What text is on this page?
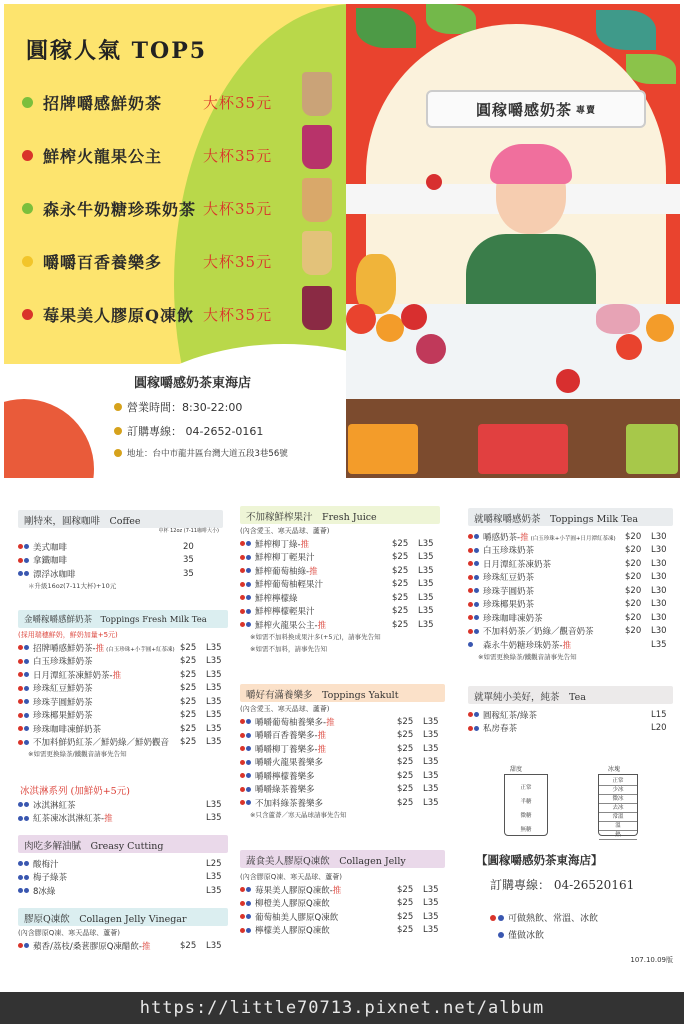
圓稼人氣 TOP5
招牌嚼感鮮奶茶	大杯35元
鮮榨火龍果公主	大杯35元
森永牛奶糖珍珠奶茶 大杯35元
嚼嚼百香養樂多	大杯35元
莓果美人膠原Q凍飲 大杯35元
圓稼嚼感奶茶東海店
營業時間：8:30-22:00
訂購專線： 04-2652-0161
地址：台中市龍井區台灣大道五段3巷56號
圓稼嚼感奶茶 專賣
剛特來，圓稼咖啡　Coffee
中杯 12oz (7-11咖啡大小)
美式咖啡	20
拿鐵咖啡	35
漂浮冰咖啡	35
＊升級16oz(7-11大杯)+10元
金嚼稼嚼感鮮奶茶　Toppings Fresh Milk Tea
(採用瑞穗鮮奶，鮮奶加量+5元)
招牌嚼感鮮奶茶-推 (白玉珍珠+小芋圓+紅茶凍) $25	L35
白玉珍珠鮮奶茶	$25	L35
日月潭紅茶凍鮮奶茶-推	$25	L35
珍珠紅豆鮮奶茶	$25	L35
珍珠芋圓鮮奶茶	$25	L35
珍珠椰果鮮奶茶	$25	L35
珍珠咖啡凍鮮奶茶	$25	L35
不加料鮮奶紅茶／鮮奶綠／鮮奶觀音	$25	L35
※如需更換綠茶/鐵觀音請事先告知
冰淇淋系列 (加鮮奶+5元)
冰淇淋紅茶	L35
紅茶凍冰淇淋紅茶-推	L35
肉吃多解油膩　Greasy Cutting
酸梅汁	L25
梅子綠茶	L35
8冰綠	L35
膠原Q凍飲　Collagen Jelly Vinegar
(內含膠原Q凍、寒天晶球、蘆薈)
蘋香/荔枝/桑葚膠原Q凍醋飲-推	$25	L35
不加稼鮮榨果汁　Fresh Juice
(內含愛玉、寒天晶球、蘆薈)
鮮榨柳丁綠-推	$25	L35
鮮榨柳丁輕果汁	$25	L35
鮮榨葡萄柚綠-推	$25	L35
鮮榨葡萄柚輕果汁	$25	L35
鮮榨檸檬綠	$25	L35
鮮榨檸檬輕果汁	$25	L35
鮮榨火龍果公主-推	$25	L35
※如需不加料換成果汁多(+5元)，請事先告知
※如需不加料，請事先告知
嚼好有滿養樂多　Toppings Yakult
(內含愛玉、寒天晶球、蘆薈)
嚼嚼葡萄柚養樂多-推	$25	L35
嚼嚼百香養樂多-推	$25	L35
嚼嚼柳丁養樂多-推	$25	L35
嚼嚼火龍果養樂多	$25	L35
嚼嚼檸檬養樂多	$25	L35
嚼嚼綠茶養樂多	$25	L35
不加料綠茶養樂多	$25	L35
※只含蘆薈／寒天晶球請事先告知
蔬食美人膠原Q凍飲　Collagen Jelly
(內含膠原Q凍、寒天晶球、蘆薈)
莓果美人膠原Q凍飲-推	$25	L35
柳橙美人膠原Q凍飲	$25	L35
葡萄柚美人膠原Q凍飲	$25	L35
檸檬美人膠原Q凍飲	$25	L35
就嚼稼嚼感奶茶　Toppings Milk Tea
嚼感奶茶-推 (白玉珍珠+小芋圓+日月潭紅茶凍)	$20	L30
白玉珍珠奶茶	$20	L30
日月潭紅茶凍奶茶	$20	L30
珍珠紅豆奶茶	$20	L30
珍珠芋圓奶茶	$20	L30
珍珠椰果奶茶	$20	L30
珍珠咖啡凍奶茶	$20	L30
不加料奶茶／奶綠／觀音奶茶	$20	L30
森永牛奶糖珍珠奶茶-推	L35
※如需更換綠茶/鐵觀音請事先告知
就單純小美好，純茶　Tea
圓稼紅茶/綠茶	L15
私房春茶	L20
甜度
正常
半糖
微糖
無糖
冰塊
正常
少冰
微冰
去冰
常溫
溫
熱
【圓稼嚼感奶茶東海店】
訂購專線： 04-26520161
可做熱飲、常溫、冰飲
僅做冰飲
107.10.09版
https://little70713.pixnet.net/album
